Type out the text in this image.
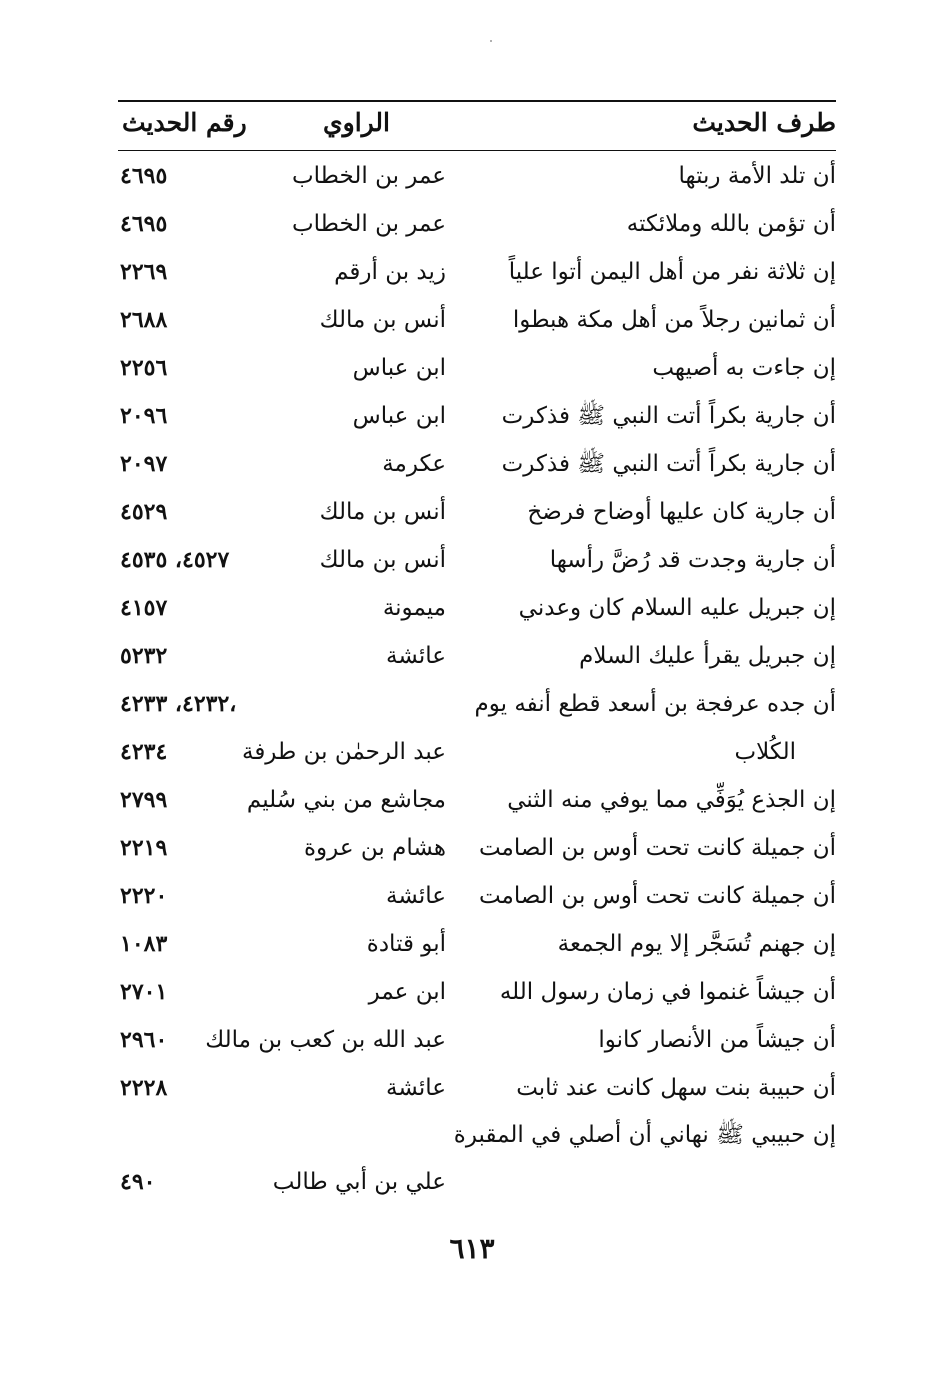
طرف الحديث
الراوي
رقم الحديث
أن تلد الأمة ربتها
عمر بن الخطاب
٤٦٩٥
أن تؤمن بالله وملائكته
عمر بن الخطاب
٤٦٩٥
إن ثلاثة نفر من أهل اليمن أتوا علياً
زيد بن أرقم
٢٢٦٩
أن ثمانين رجلاً من أهل مكة هبطوا
أنس بن مالك
٢٦٨٨
إن جاءت به أصيهب
ابن عباس
٢٢٥٦
أن جارية بكراً أتت النبي ﷺ فذكرت
ابن عباس
٢٠٩٦
أن جارية بكراً أتت النبي ﷺ فذكرت
عكرمة
٢٠٩٧
أن جارية كان عليها أوضاح فرضخ
أنس بن مالك
٤٥٢٩
أن جارية وجدت قد رُضَّ رأسها
أنس بن مالك
٤٥٢٧، ٤٥٣٥
إن جبريل عليه السلام كان وعدني
ميمونة
٤١٥٧
إن جبريل يقرأ عليك السلام
عائشة
٥٢٣٢
أن جده عرفجة بن أسعد قطع أنفه يوم
٤٢٣٢، ٤٢٣٣،
الكُلاب
عبد الرحمٰن بن طرفة
٤٢٣٤
إن الجذع يُوَفِّي مما يوفي منه الثني
مجاشع من بني سُليم
٢٧٩٩
أن جميلة كانت تحت أوس بن الصامت
هشام بن عروة
٢٢١٩
أن جميلة كانت تحت أوس بن الصامت
عائشة
٢٢٢٠
إن جهنم تُسَجَّر إلا يوم الجمعة
أبو قتادة
١٠٨٣
أن جيشاً غنموا في زمان رسول الله
ابن عمر
٢٧٠١
أن جيشاً من الأنصار كانوا
عبد الله بن كعب بن مالك
٢٩٦٠
أن حبيبة بنت سهل كانت عند ثابت
عائشة
٢٢٢٨
إن حبيبي ﷺ نهاني أن أصلي في المقبرة
علي بن أبي طالب
٤٩٠
٦١٣
